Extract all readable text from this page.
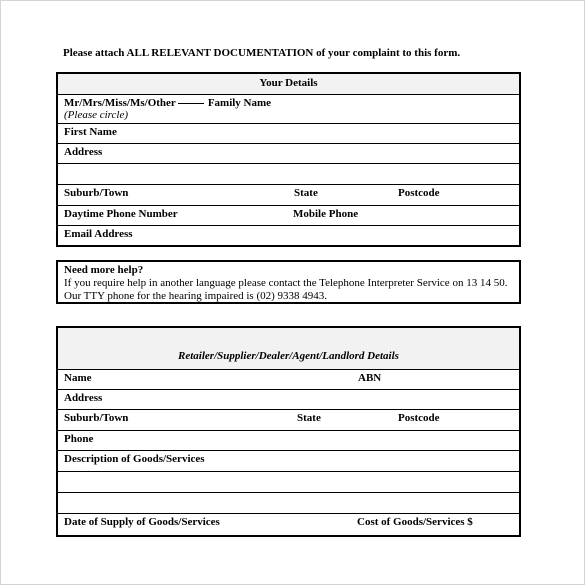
Please attach ALL RELEVANT DOCUMENTATION of your complaint to this form.
Your Details
Mr/Mrs/Miss/Ms/Other	Family Name
(Please circle)
First Name
Address
Suburb/Town	State	Postcode
Daytime Phone Number	Mobile Phone
Email Address
Need more help?
If you require help in another language please contact the Telephone Interpreter Service on 13 14 50.
Our TTY phone for the hearing impaired is (02) 9338 4943.
Retailer/Supplier/Dealer/Agent/Landlord Details
Name	ABN
Address
Suburb/Town	State	Postcode
Phone
Description of Goods/Services
Date of Supply of Goods/Services	Cost of Goods/Services $
